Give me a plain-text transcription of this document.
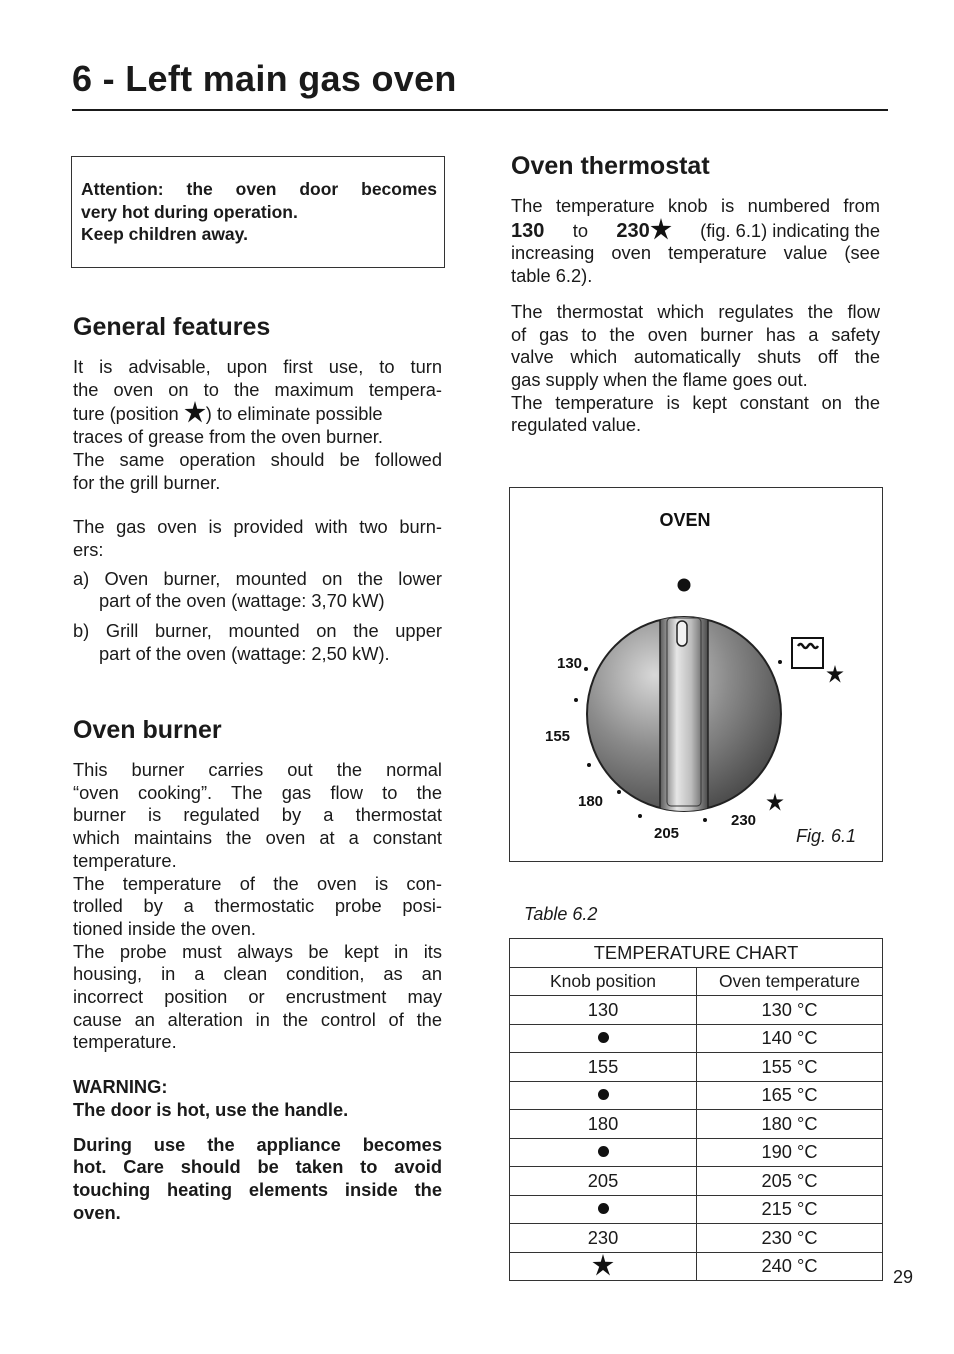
6 - Left main gas oven
Attention: the oven door becomes
very hot during operation.
Keep children away.
General features
It is advisable, upon first use, to turn
the oven on to the maximum tempera-
ture (position ) to eliminate possible
traces of grease from the oven burner.
The same operation should be followed
for the grill burner.
The gas oven is provided with two burn-
ers:
a) Oven burner, mounted on the lower
part of the oven (wattage: 3,70 kW)
b) Grill burner, mounted on the upper
part of the oven (wattage: 2,50 kW).
Oven burner
This burner carries out the normal
“oven cooking”. The gas flow to the
burner is regulated by a thermostat
which maintains the oven at a constant
temperature.
The temperature of the oven is con-
trolled by a thermostatic probe posi-
tioned inside the oven.
The probe must always be kept in its
housing, in a clean condition, as an
incorrect position or encrustment may
cause an alteration in the control of the
temperature.
WARNING:
The door is hot, use the handle.
During use the appliance becomes
hot. Care should be taken to avoid
touching heating elements inside the
oven.
Oven thermostat
The temperature knob is numbered from
130 to 230	(fig. 6.1) indicating the
increasing oven temperature value (see
table 6.2).
The thermostat which regulates the flow
of gas to the oven burner has a safety
valve which automatically shuts off the
gas supply when the flame goes out.
The temperature is kept constant on the
regulated value.
OVEN
130
155
180
205
230
Fig. 6.1
Table 6.2
TEMPERATURE CHART	
Knob position	Oven temperature
130	130 °C
	140 °C
155	155 °C
	165 °C
180	180 °C
	190 °C
205	205 °C
	215 °C
230	230 °C
	240 °C
29
